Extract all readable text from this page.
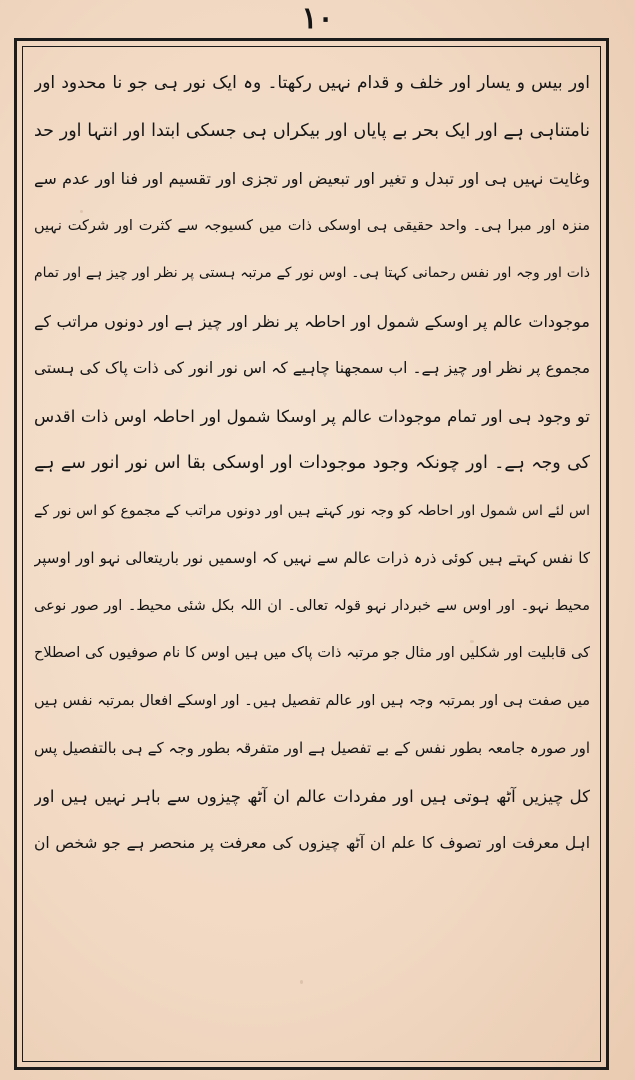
۱۰
اور بیس و یسار اور خلف و قدام نہیں رکھتا۔ وہ ایک نور ہی جو نا محدود اور
نامتناہی ہے اور ایک بحر بے پایاں اور بیکراں ہی جسکی ابتدا اور انتہا اور حد
وغایت نہیں ہی اور تبدل و تغیر اور تبعیض اور تجزی اور تقسیم اور فنا اور عدم سے
منزہ اور مبرا ہی۔ واحد حقیقی ہی اوسکی ذات میں کسیوجہ سے کثرت اور شرکت نہیں
ذات اور وجہ اور نفس رحمانی کہتا ہی۔ اوس نور کے مرتبہ ہستی پر نظر اور چیز ہے اور تمام
موجودات عالم پر اوسکے شمول اور احاطہ پر نظر اور چیز ہے اور دونوں مراتب کے
مجموع پر نظر اور چیز ہے۔ اب سمجھنا چاہیے کہ اس نور انور کی ذات پاک کی ہستی
تو وجود ہی اور تمام موجودات عالم پر اوسکا شمول اور احاطہ اوس ذات اقدس
کی وجہ ہے۔ اور چونکہ وجود موجودات اور اوسکی بقا اس نور انور سے ہے
اس لئے اس شمول اور احاطہ کو وجہ نور کہتے ہیں اور دونوں مراتب کے مجموع کو اس نور کے
کا نفس کہتے ہیں کوئی ذرہ ذرات عالم سے نہیں کہ اوسمیں نور باریتعالی نہو اور اوسپر
محیط نہو۔ اور اوس سے خبردار نہو قولہ تعالی۔ ان اللہ بکل شئی محیط۔ اور صور نوعی
کی قابلیت اور شکلیں اور مثال جو مرتبہ ذات پاک میں ہیں اوس کا نام صوفیوں کی اصطلاح
میں صفت ہی اور بمرتبہ وجہ ہیں اور عالم تفصیل ہیں۔ اور اوسکے افعال بمرتبہ نفس ہیں
اور صورہ جامعہ بطور نفس کے بے تفصیل ہے اور متفرقہ بطور وجہ کے ہی بالتفصیل پس
کل چیزیں آٹھ ہوتی ہیں اور مفردات عالم ان آٹھ چیزوں سے باہر نہیں ہیں اور
اہل معرفت اور تصوف کا علم ان آٹھ چیزوں کی معرفت پر منحصر ہے جو شخص ان
